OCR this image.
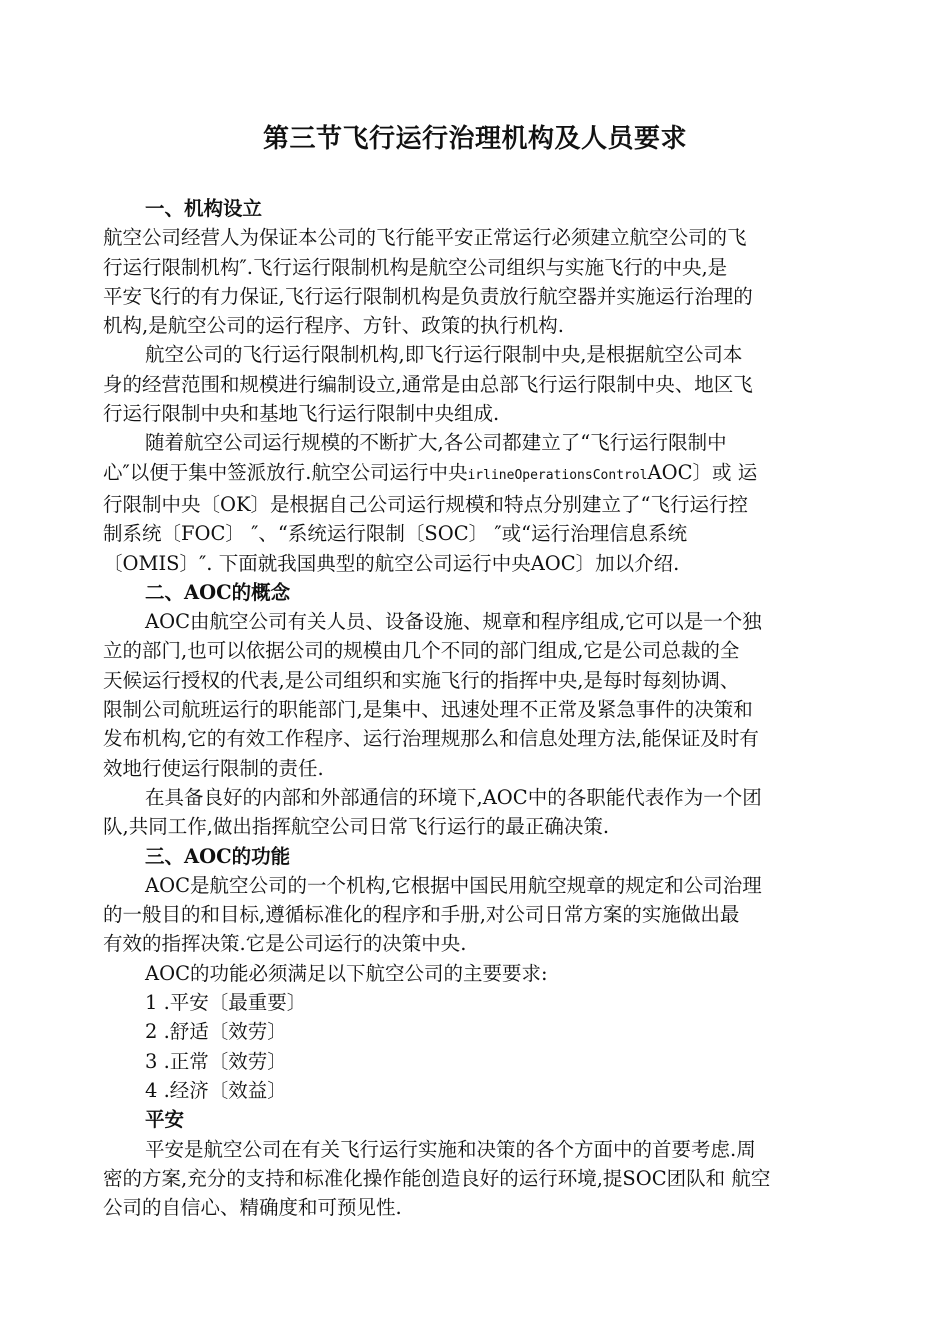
第三节飞行运行治理机构及人员要求
一、机构设立
航空公司经营人为保证本公司的飞行能平安正常运行必须建立航空公司的飞
行运行限制机构″.飞行运行限制机构是航空公司组织与实施飞行的中央,是
平安飞行的有力保证,飞行运行限制机构是负责放行航空器并实施运行治理的
机构,是航空公司的运行程序、方针、政策的执行机构.
航空公司的飞行运行限制机构,即飞行运行限制中央,是根据航空公司本
身的经营范围和规模进行编制设立,通常是由总部飞行运行限制中央、地区飞
行运行限制中央和基地飞行运行限制中央组成.
随着航空公司运行规模的不断扩大,各公司都建立了“飞行运行限制中
心″以便于集中签派放行.航空公司运行中央irlineOperationsControlAOC〕或 运
行限制中央〔OK〕是根据自己公司运行规模和特点分别建立了“飞行运行控
制系统〔FOC〕 ″、“系统运行限制〔SOC〕 ″或“运行治理信息系统
〔OMIS〕″. 下面就我国典型的航空公司运行中央AOC〕加以介绍.
二、AOC的概念
AOC由航空公司有关人员、设备设施、规章和程序组成,它可以是一个独
立的部门,也可以依据公司的规模由几个不同的部门组成,它是公司总裁的全
天候运行授权的代表,是公司组织和实施飞行的指挥中央,是每时每刻协调、
限制公司航班运行的职能部门,是集中、迅速处理不正常及紧急事件的决策和
发布机构,它的有效工作程序、运行治理规那么和信息处理方法,能保证及时有
效地行使运行限制的责任.
在具备良好的内部和外部通信的环境下,AOC中的各职能代表作为一个团
队,共同工作,做出指挥航空公司日常飞行运行的最正确决策.
三、AOC的功能
AOC是航空公司的一个机构,它根据中国民用航空规章的规定和公司治理
的一般目的和目标,遵循标准化的程序和手册,对公司日常方案的实施做出最
有效的指挥决策.它是公司运行的决策中央.
AOC的功能必须满足以下航空公司的主要要求:
1 .平安〔最重要〕
2 .舒适〔效劳〕
3 .正常〔效劳〕
4 .经济〔效益〕
平安
平安是航空公司在有关飞行运行实施和决策的各个方面中的首要考虑.周
密的方案,充分的支持和标准化操作能创造良好的运行环境,提SOC团队和 航空
公司的自信心、精确度和可预见性.
